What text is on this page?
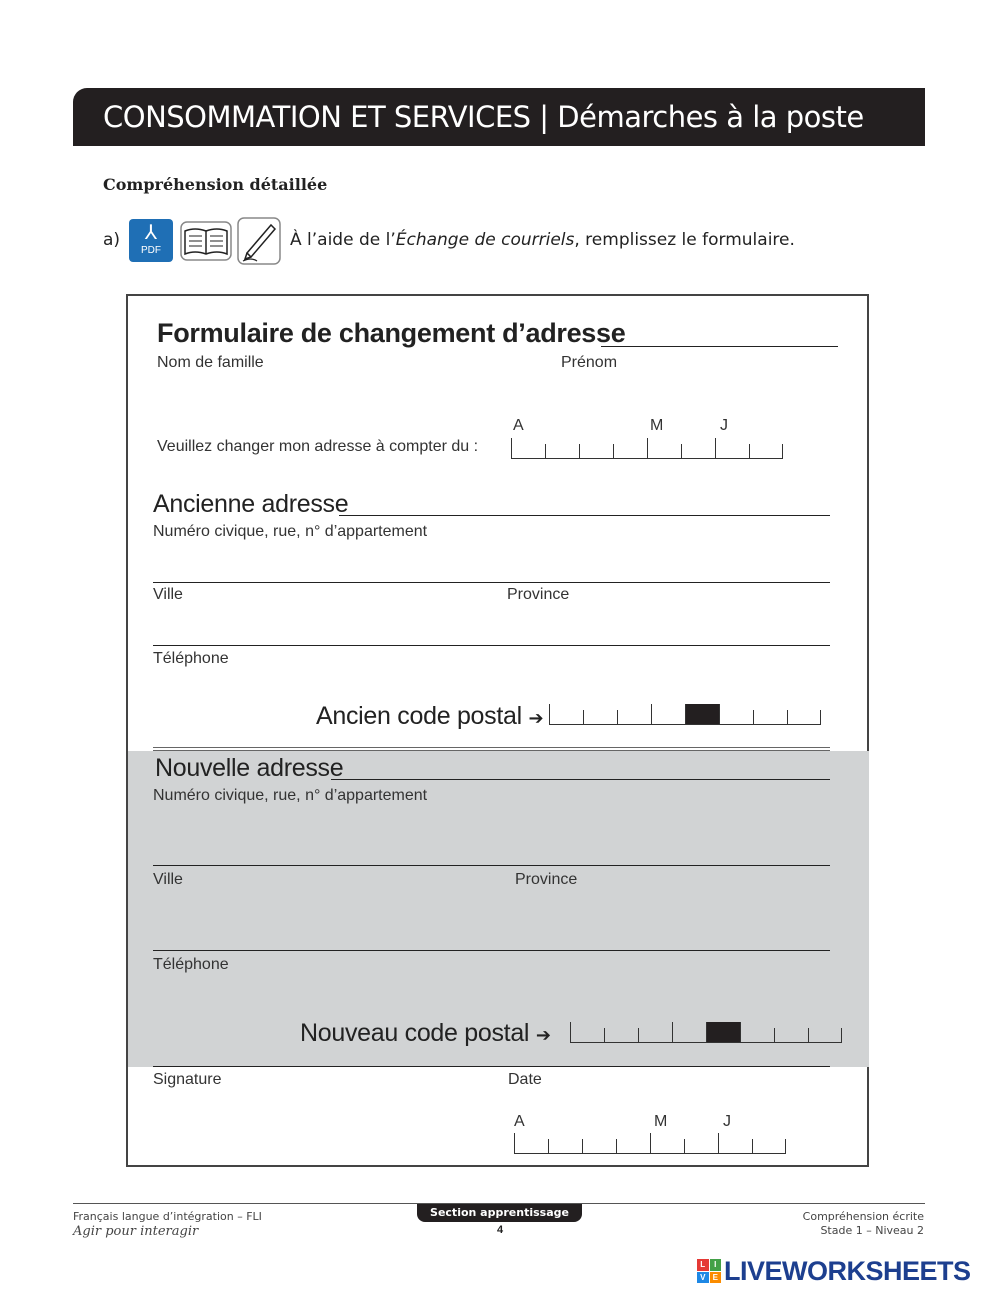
CONSOMMATION ET SERVICES | Démarches à la poste
Compréhension détaillée
a)	⅄
PDF
À l’aide de l’Échange de courriels, remplissez le formulaire.
Formulaire de changement d’adresse
Nom de famille	Prénom
Veuillez changer mon adresse à compter du :
A	M	J
Ancienne adresse
Numéro civique, rue, n° d’appartement
Ville	Province
Téléphone
Ancien code postal ➔
Nouvelle adresse
Numéro civique, rue, n° d’appartement
Ville	Province
Téléphone
Nouveau code postal ➔
Signature	Date
A	M	J
Section apprentissage
4
Français langue d’intégration – FLI
Agir pour interagir
Compréhension écrite
Stade 1 – Niveau 2
L	I
V E LIVEWORKSHEETS
